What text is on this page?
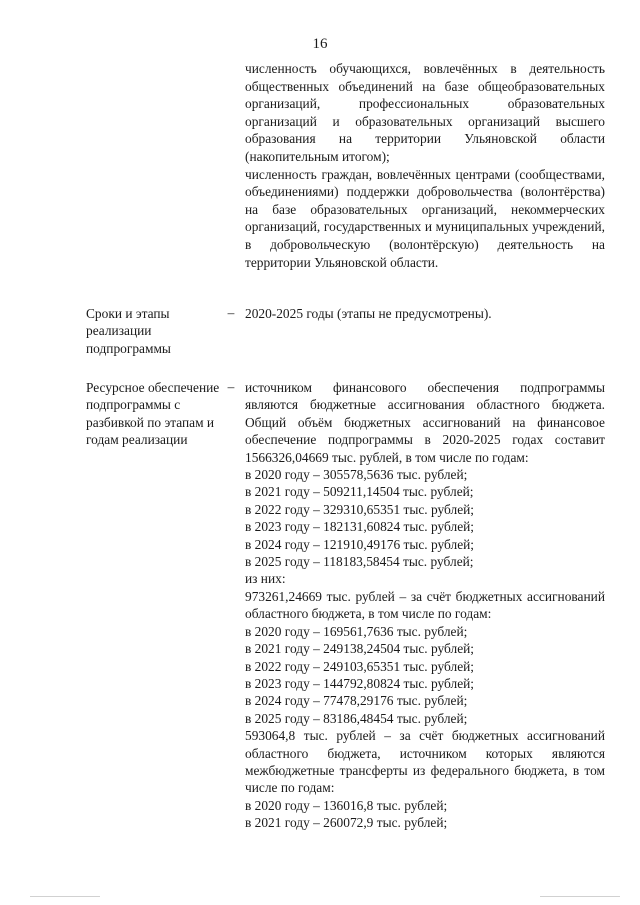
16

численность обучающихся, вовлечённых в деятельность общественных объединений на базе общеобразовательных организаций, профессиональных образовательных организаций и образовательных организаций высшего образования на территории Ульяновской области (накопительным итогом);

численность граждан, вовлечённых центрами (сообществами, объединениями) поддержки добровольчества (волонтёрства) на базе образовательных организаций, некоммерческих организаций, государственных и муниципальных учреждений, в добровольческую (волонтёрскую) деятельность на территории Ульяновской области.

Сроки и этапы реализации подпрограммы
– 2020-2025 годы (этапы не предусмотрены).

Ресурсное обеспечение подпрограммы с разбивкой по этапам и годам реализации
– источником финансового обеспечения подпрограммы являются бюджетные ассигнования областного бюджета. Общий объём бюджетных ассигнований на финансовое обеспечение подпрограммы в 2020-2025 годах составит 1566326,04669 тыс. рублей, в том числе по годам:

в 2020 году – 305578,5636 тыс. рублей;

в 2021 году – 509211,14504 тыс. рублей;

в 2022 году – 329310,65351 тыс. рублей;

в 2023 году – 182131,60824 тыс. рублей;

в 2024 году – 121910,49176 тыс. рублей;

в 2025 году – 118183,58454 тыс. рублей;

из них:

973261,24669 тыс. рублей – за счёт бюджетных ассигнований областного бюджета, в том числе по годам:

в 2020 году – 169561,7636 тыс. рублей;

в 2021 году – 249138,24504 тыс. рублей;

в 2022 году – 249103,65351 тыс. рублей;

в 2023 году – 144792,80824 тыс. рублей;

в 2024 году – 77478,29176 тыс. рублей;

в 2025 году – 83186,48454 тыс. рублей;

593064,8 тыс. рублей – за счёт бюджетных ассигнований областного бюджета, источником которых являются межбюджетные трансферты из федерального бюджета, в том числе по годам:

в 2020 году – 136016,8 тыс. рублей;

в 2021 году – 260072,9 тыс. рублей;
